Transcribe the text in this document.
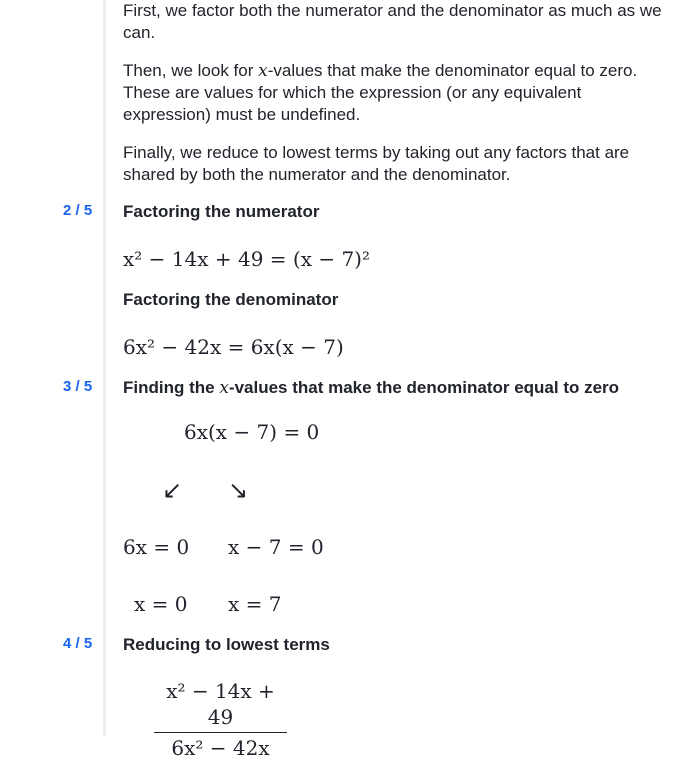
First, we factor both the numerator and the denominator as much as we can.

Then, we look for x-values that make the denominator equal to zero. These are values for which the expression (or any equivalent expression) must be undefined.

Finally, we reduce to lowest terms by taking out any factors that are shared by both the numerator and the denominator.

2 / 5 Factoring the numerator
x² − 14x + 49 = (x − 7)²
Factoring the denominator
6x² − 42x = 6x(x − 7)
3 / 5 Finding the x-values that make the denominator equal to zero
6x(x − 7) = 0
↙ ↘
6x = 0 x − 7 = 0
x = 0 x = 7
4 / 5 Reducing to lowest terms
x² − 14x + 49
6x² − 42x
